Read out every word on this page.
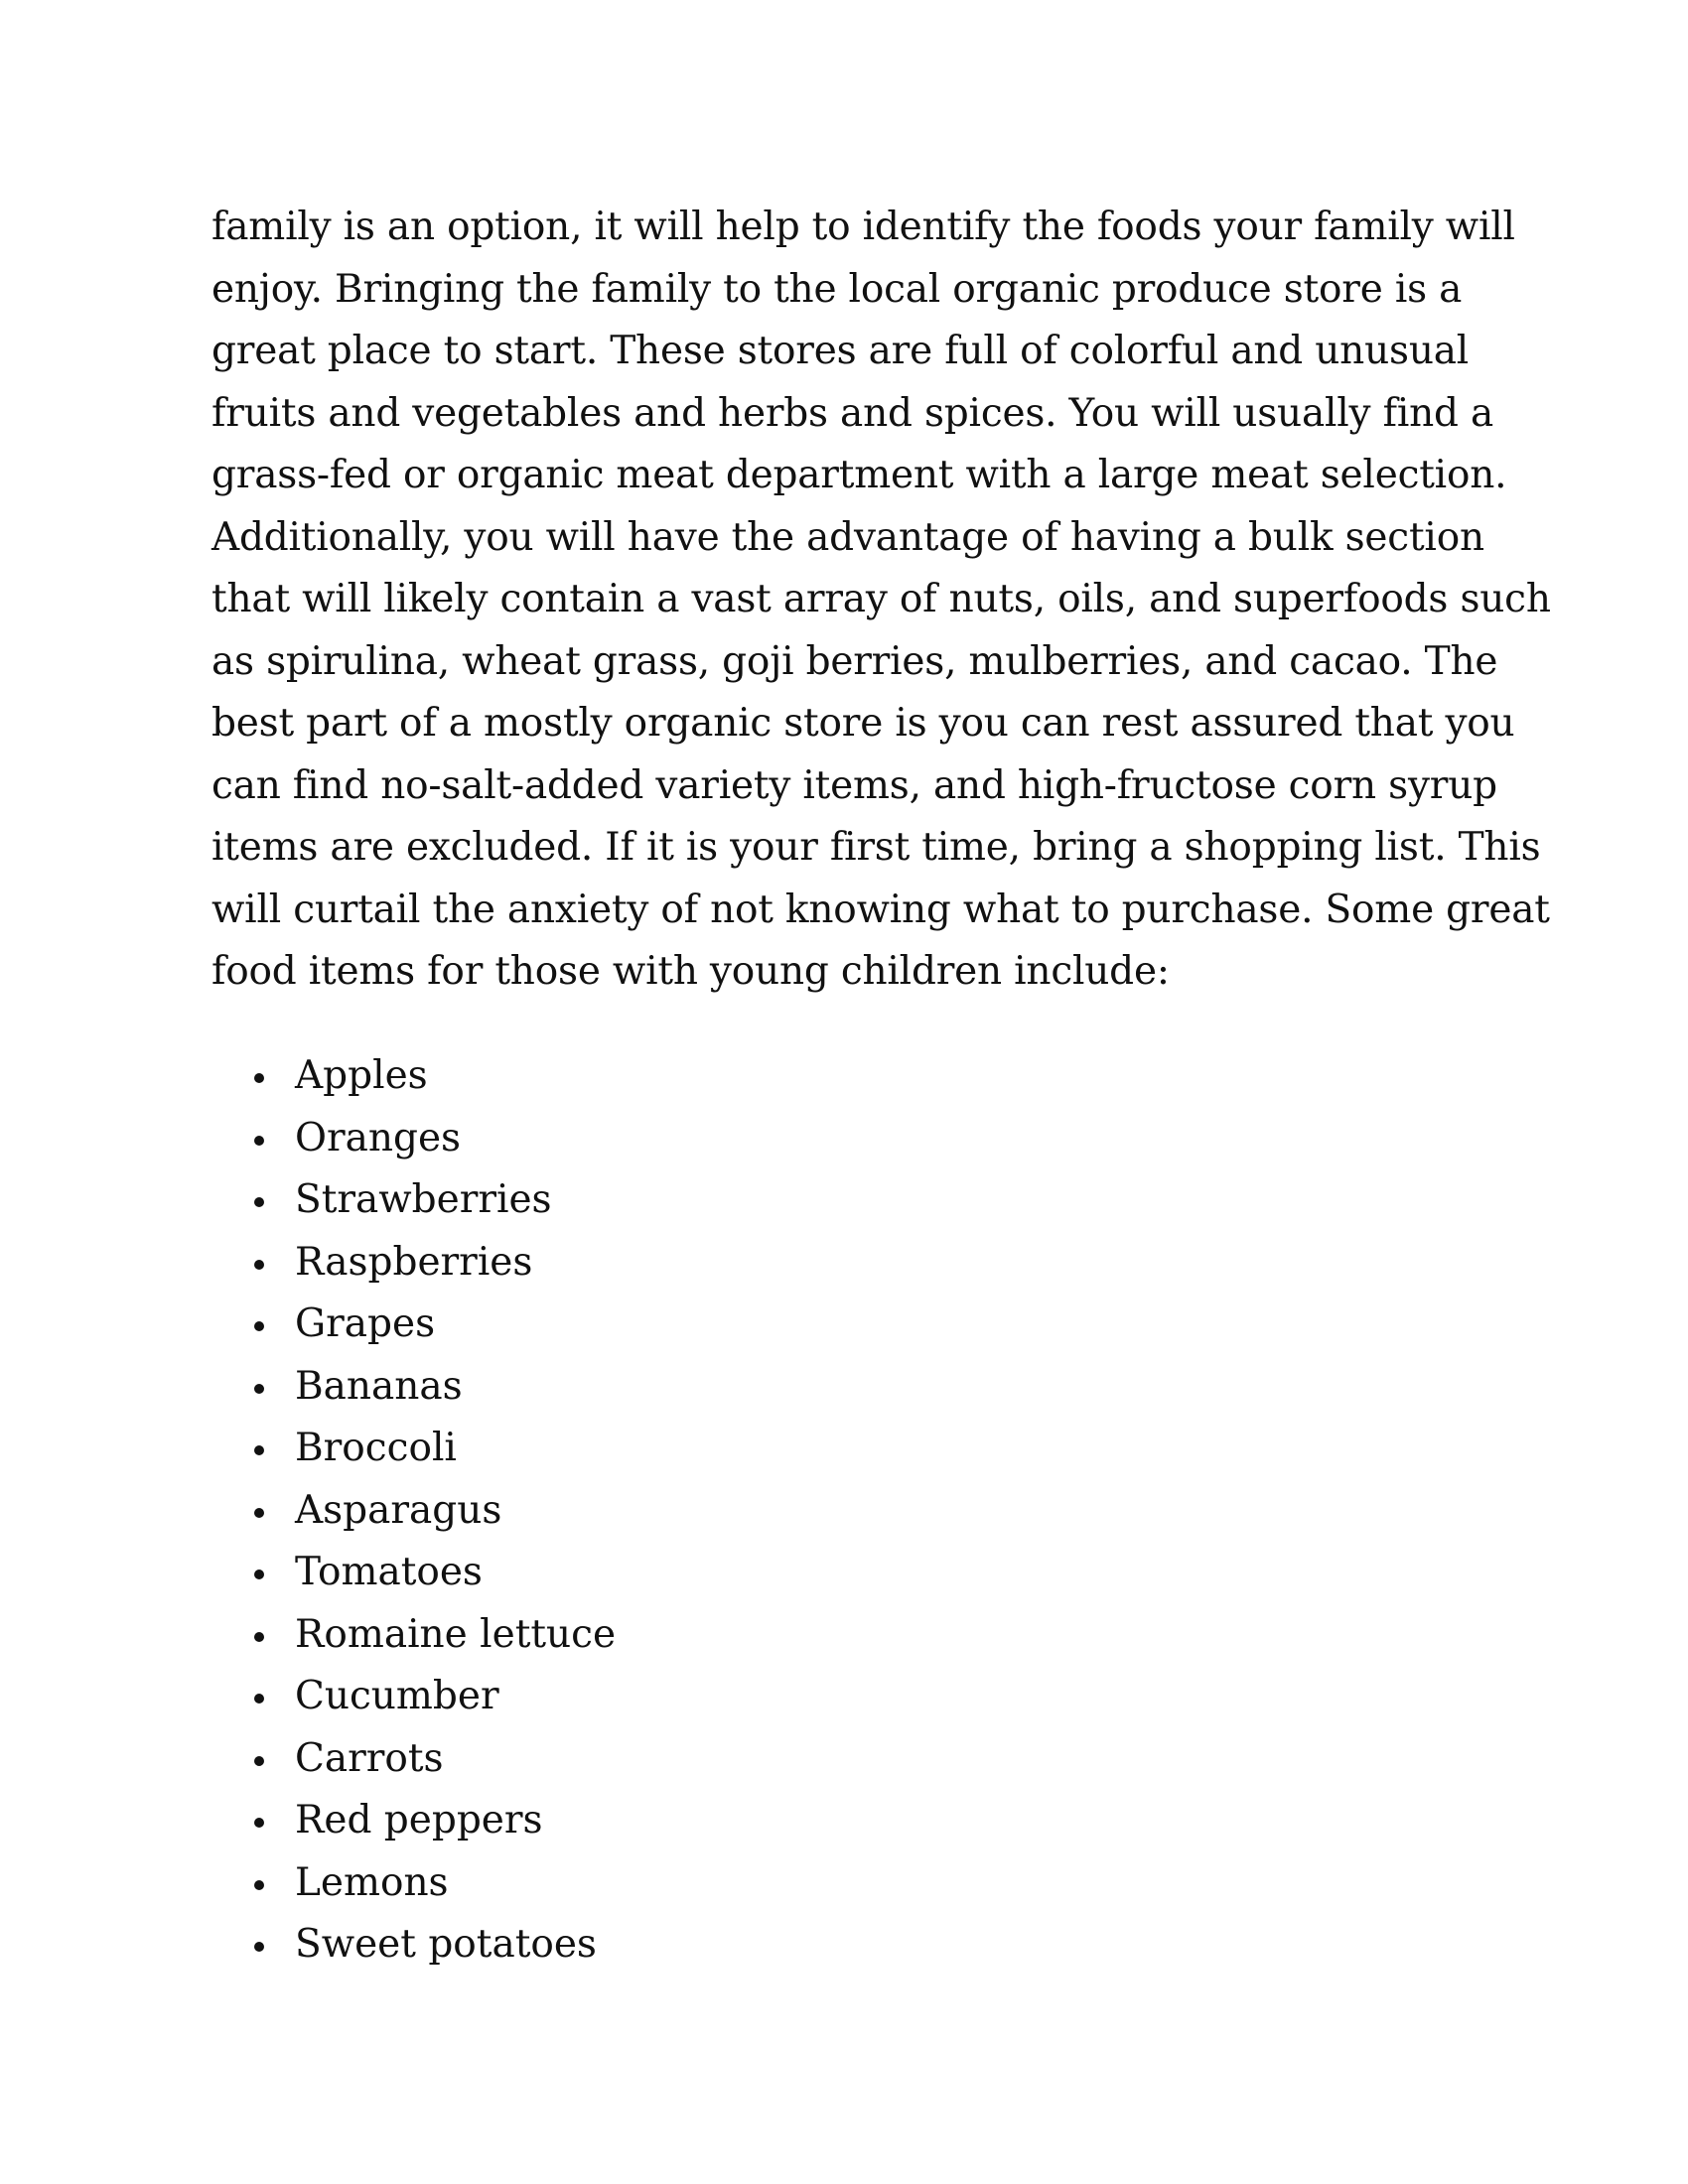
family is an option, it will help to identify the foods your family will
enjoy. Bringing the family to the local organic produce store is a
great place to start. These stores are full of colorful and unusual
fruits and vegetables and herbs and spices. You will usually find a
grass-fed or organic meat department with a large meat selection.
Additionally, you will have the advantage of having a bulk section
that will likely contain a vast array of nuts, oils, and superfoods such
as spirulina, wheat grass, goji berries, mulberries, and cacao. The
best part of a mostly organic store is you can rest assured that you
can find no-salt-added variety items, and high-fructose corn syrup
items are excluded. If it is your first time, bring a shopping list. This
will curtail the anxiety of not knowing what to purchase. Some great
food items for those with young children include:

Apples
Oranges
Strawberries
Raspberries
Grapes
Bananas
Broccoli
Asparagus
Tomatoes
Romaine lettuce
Cucumber
Carrots
Red peppers
Lemons
Sweet potatoes
